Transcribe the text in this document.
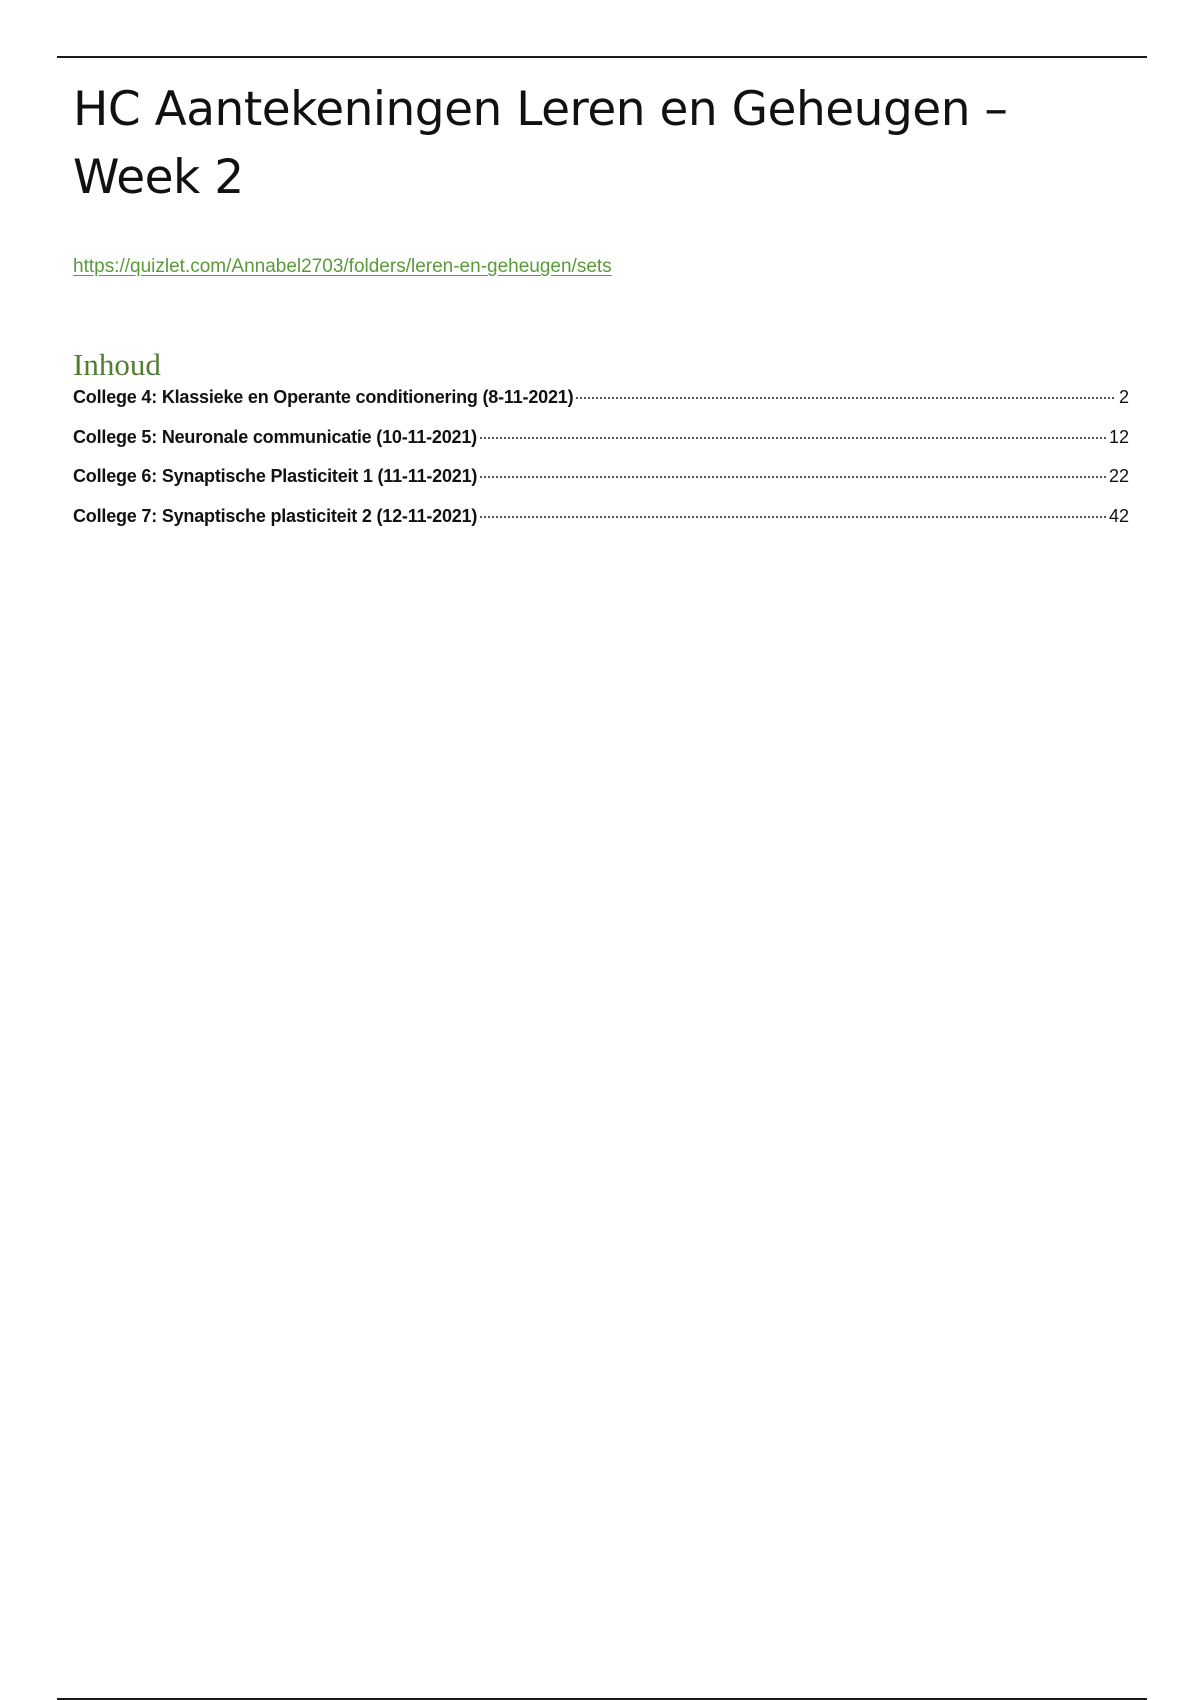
HC Aantekeningen Leren en Geheugen –
Week 2
https://quizlet.com/Annabel2703/folders/leren-en-geheugen/sets
Inhoud
College 4: Klassieke en Operante conditionering (8-11-2021)	2
College 5: Neuronale communicatie (10-11-2021)	12
College 6: Synaptische Plasticiteit 1 (11-11-2021)	22
College 7: Synaptische plasticiteit 2 (12-11-2021)	42
